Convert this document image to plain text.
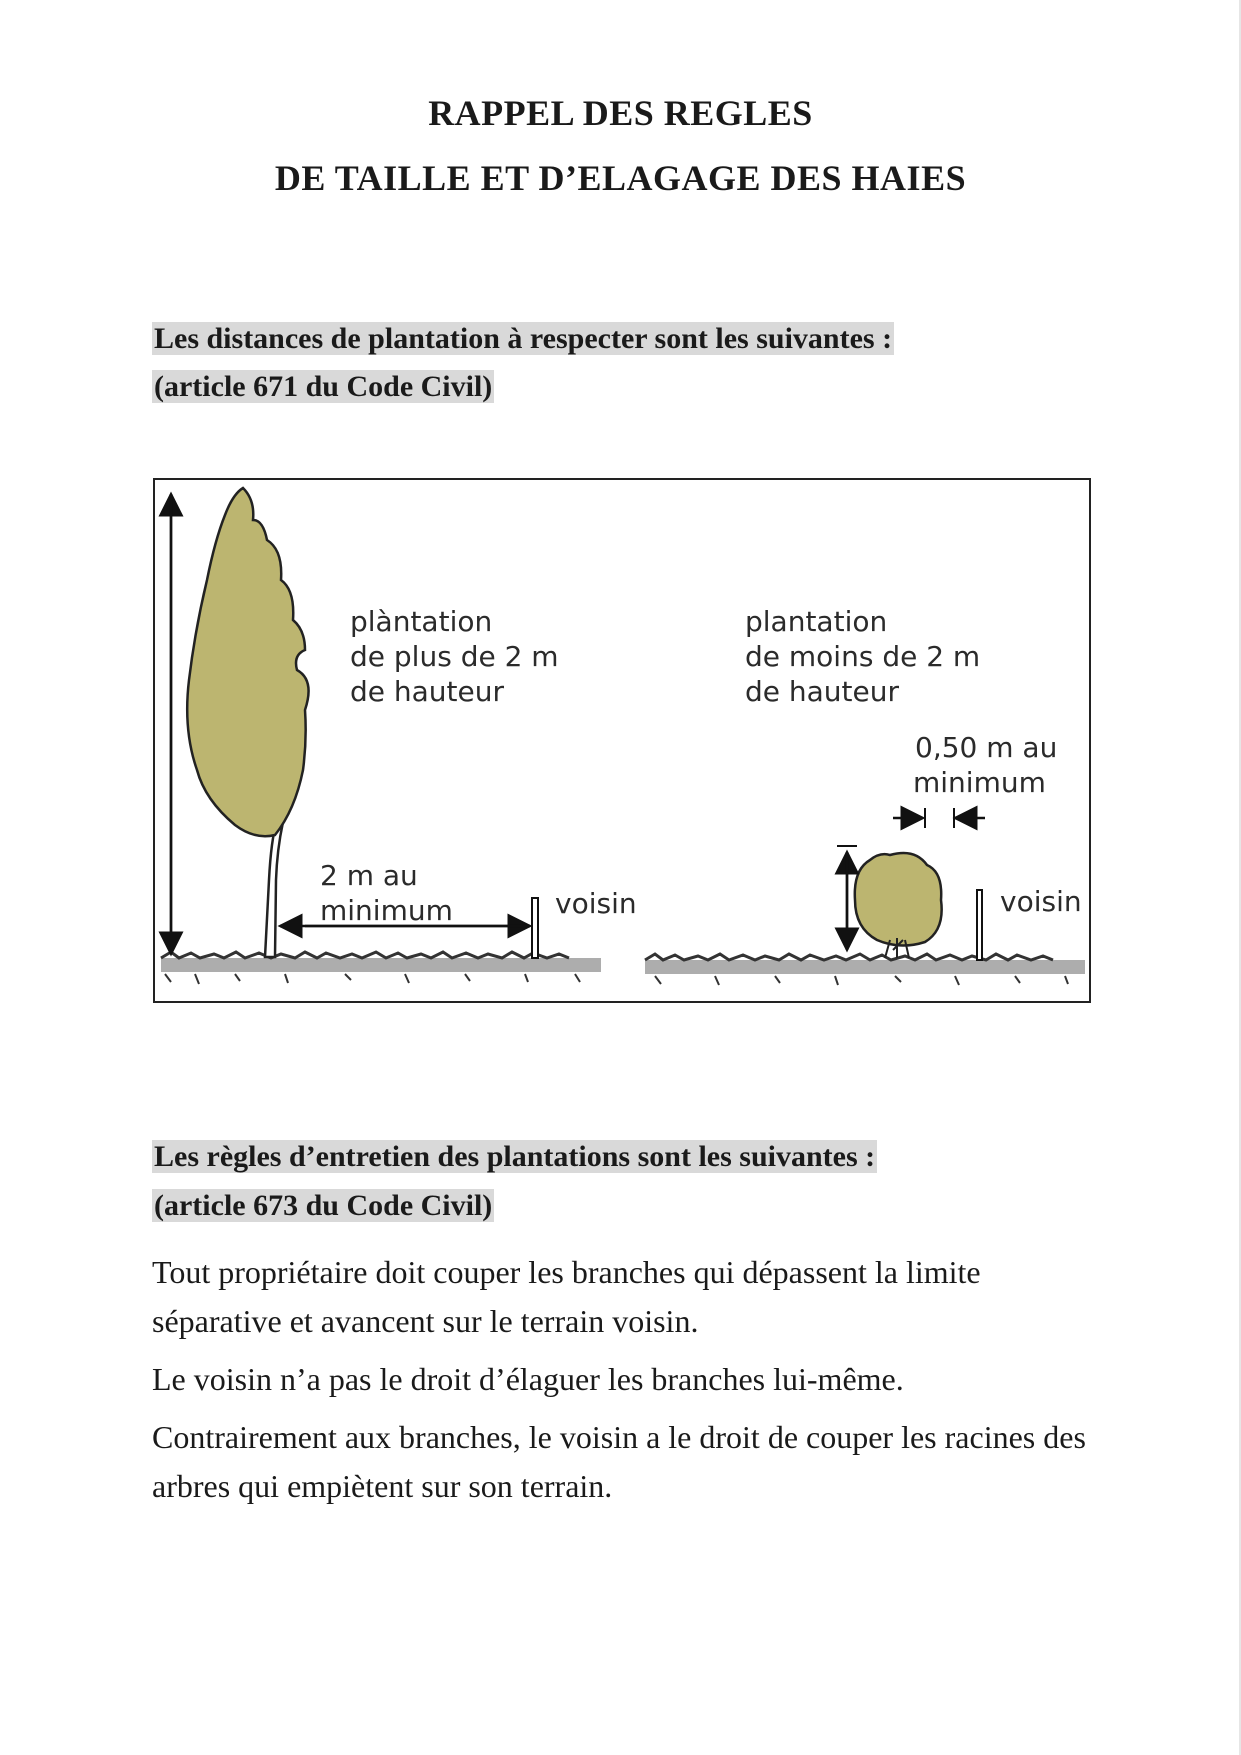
RAPPEL DES REGLES
DE TAILLE ET D’ELAGAGE DES HAIES
Les distances de plantation à respecter sont les suivantes :
(article 671 du Code Civil)

plàntation

de plus de 2 m

de hauteur

2 m au

minimum	voisin

plantation

de moins de 2 m

de hauteur

0,50 m au

minimum

voisin

Les règles d’entretien des plantations sont les suivantes :
(article 673 du Code Civil)

Tout propriétaire doit couper les branches qui dépassent la limite séparative et avancent sur le terrain voisin.

Le voisin n’a pas le droit d’élaguer les branches lui-même.

Contrairement aux branches, le voisin a le droit de couper les racines des arbres qui empiètent sur son terrain.
